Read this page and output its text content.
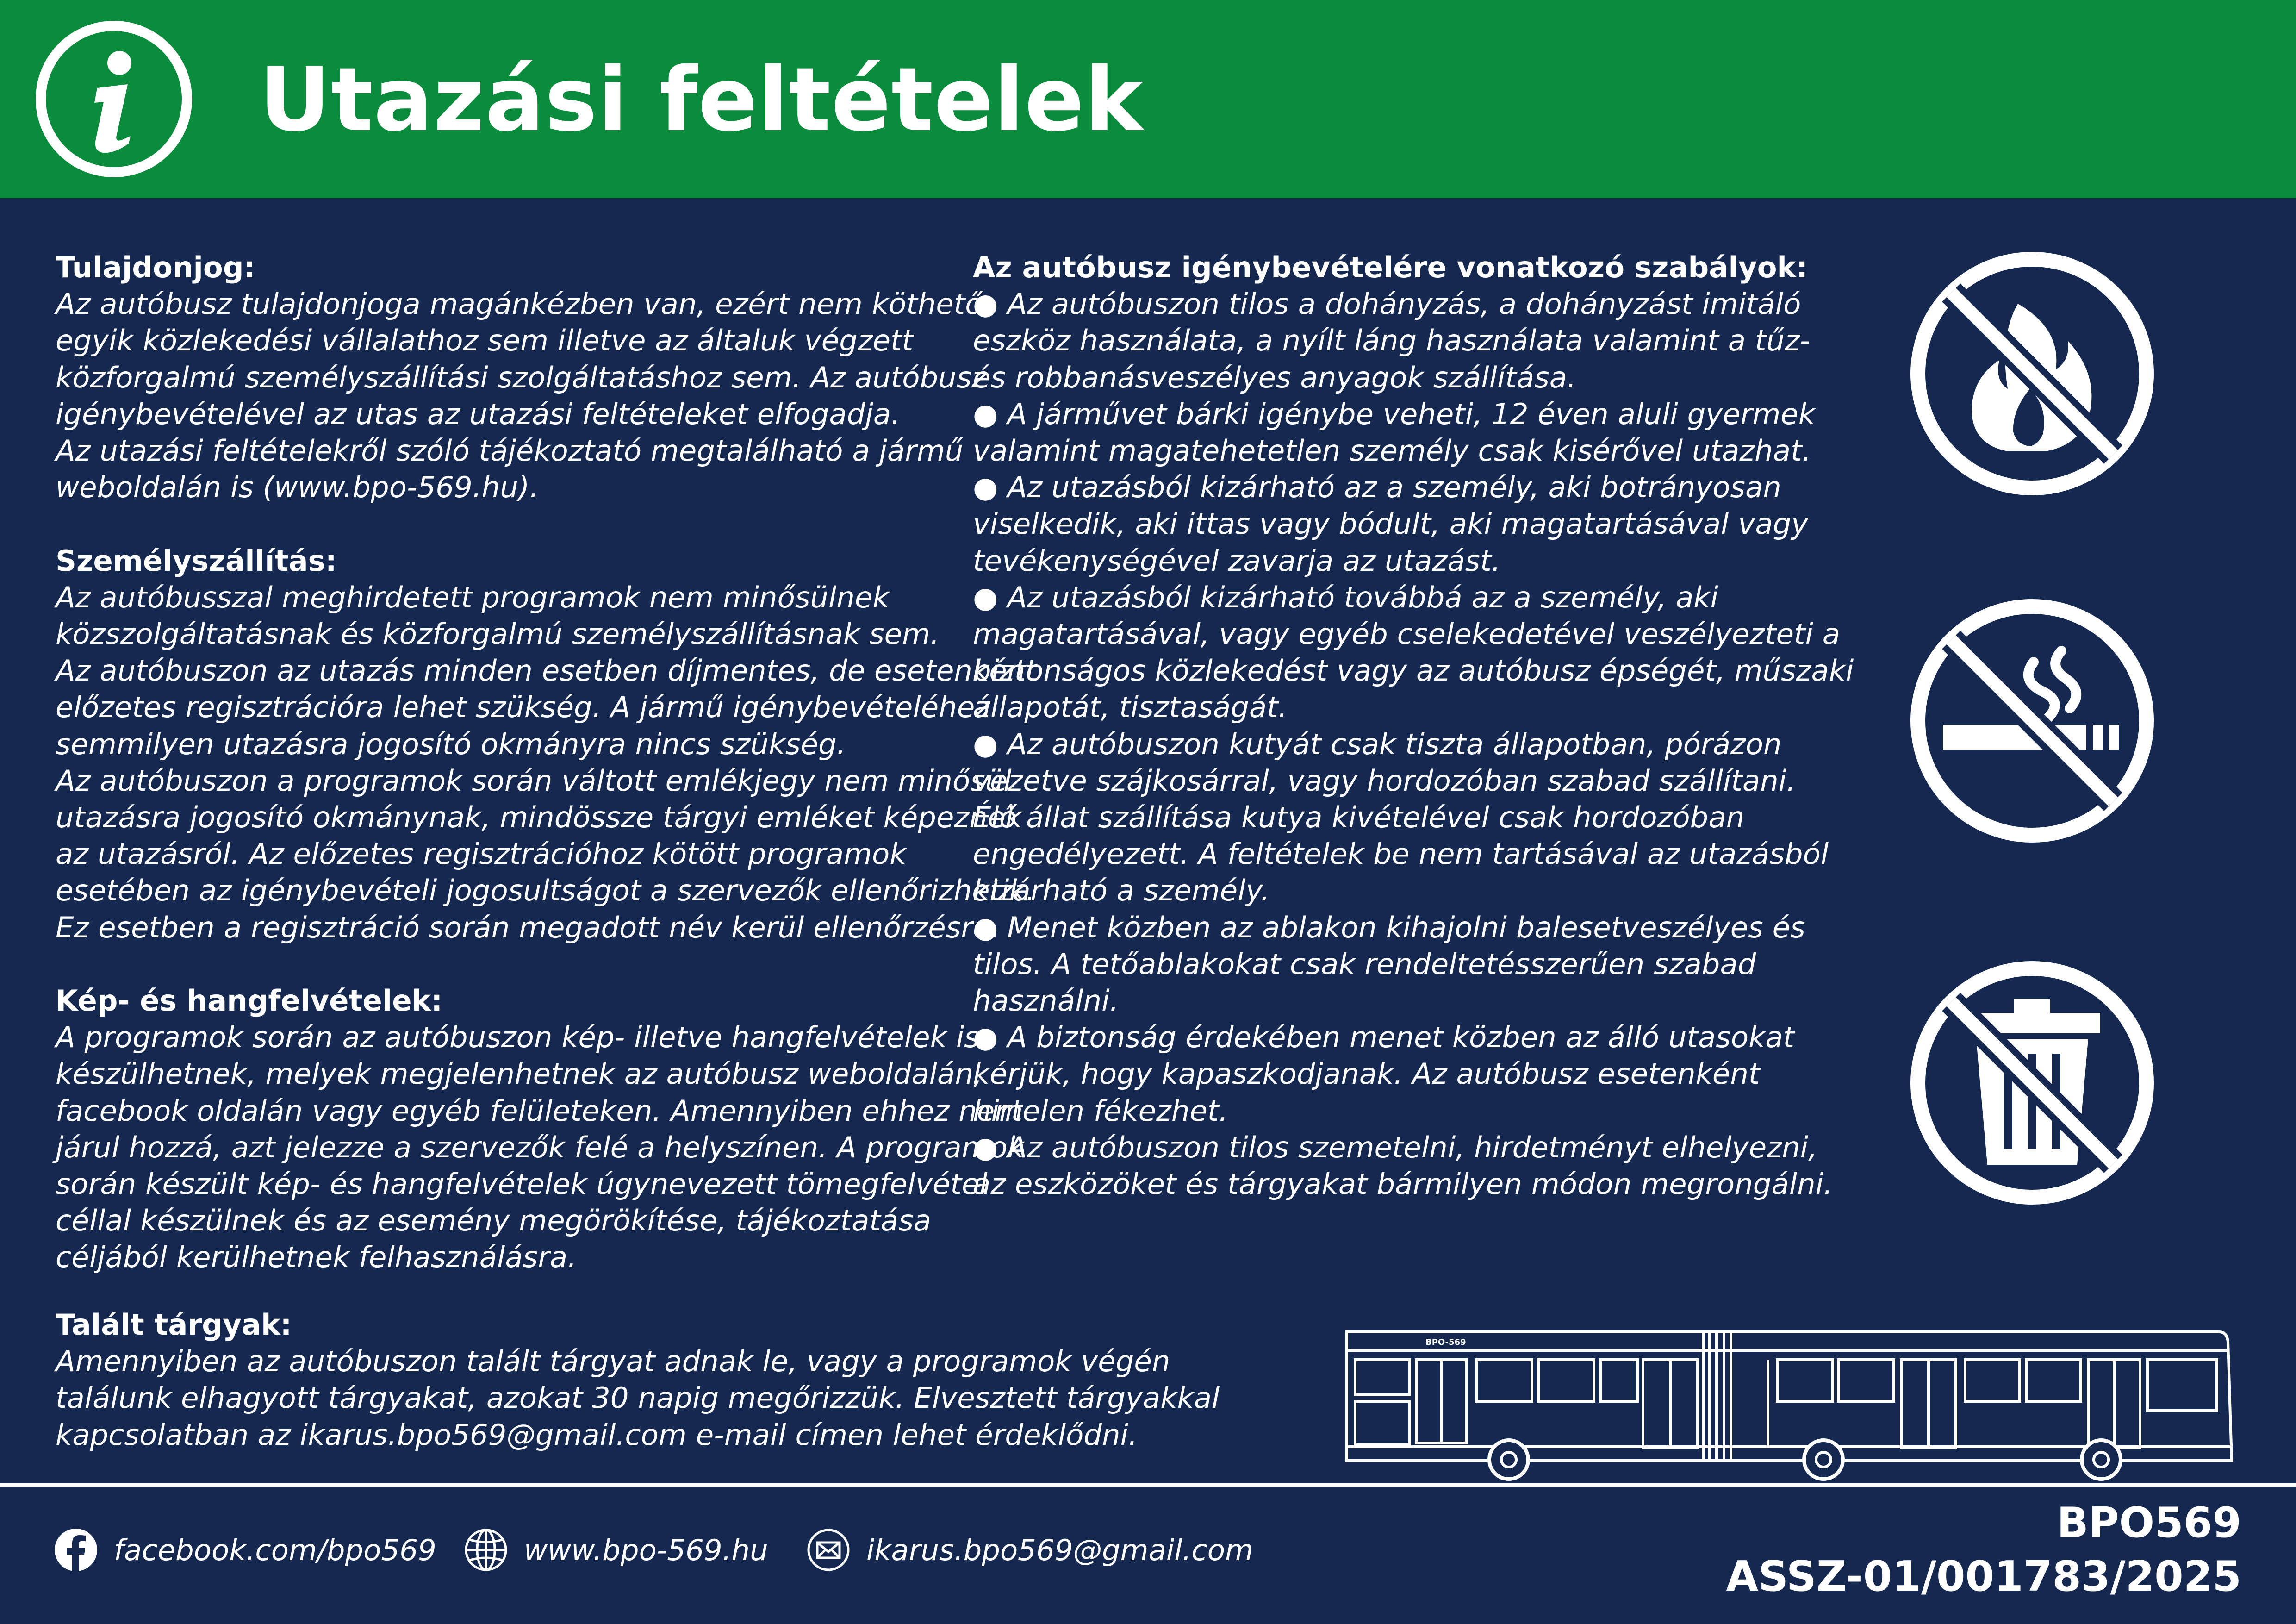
Utazási feltételek
Tulajdonjog:
Az autóbusz tulajdonjoga magánkézben van, ezért nem köthető
egyik közlekedési vállalathoz sem illetve az általuk végzett
közforgalmú személyszállítási szolgáltatáshoz sem. Az autóbusz
igénybevételével az utas az utazási feltételeket elfogadja.
Az utazási feltételekről szóló tájékoztató megtalálható a jármű
weboldalán is (www.bpo-569.hu).
Személyszállítás:
Az autóbusszal meghirdetett programok nem minősülnek
közszolgáltatásnak és közforgalmú személyszállításnak sem.
Az autóbuszon az utazás minden esetben díjmentes, de esetenként
előzetes regisztrációra lehet szükség. A jármű igénybevételéhez
semmilyen utazásra jogosító okmányra nincs szükség.
Az autóbuszon a programok során váltott emlékjegy nem minősül
utazásra jogosító okmánynak, mindössze tárgyi emléket képeznek
az utazásról. Az előzetes regisztrációhoz kötött programok
esetében az igénybevételi jogosultságot a szervezők ellenőrizhetik.
Ez esetben a regisztráció során megadott név kerül ellenőrzésre.
Kép- és hangfelvételek:
A programok során az autóbuszon kép- illetve hangfelvételek is
készülhetnek, melyek megjelenhetnek az autóbusz weboldalán,
facebook oldalán vagy egyéb felületeken. Amennyiben ehhez nem
járul hozzá, azt jelezze a szervezők felé a helyszínen. A programok
során készült kép- és hangfelvételek úgynevezett tömegfelvétel
céllal készülnek és az esemény megörökítése, tájékoztatása
céljából kerülhetnek felhasználásra.
Talált tárgyak:
Amennyiben az autóbuszon talált tárgyat adnak le, vagy a programok végén
találunk elhagyott tárgyakat, azokat 30 napig megőrizzük. Elvesztett tárgyakkal
kapcsolatban az ikarus.bpo569@gmail.com e-mail címen lehet érdeklődni.
Az autóbusz igénybevételére vonatkozó szabályok:
● Az autóbuszon tilos a dohányzás, a dohányzást imitáló
eszköz használata, a nyílt láng használata valamint a tűz-
és robbanásveszélyes anyagok szállítása.
● A járművet bárki igénybe veheti, 12 éven aluli gyermek
valamint magatehetetlen személy csak kisérővel utazhat.
● Az utazásból kizárható az a személy, aki botrányosan
viselkedik, aki ittas vagy bódult, aki magatartásával vagy
tevékenységével zavarja az utazást.
● Az utazásból kizárható továbbá az a személy, aki
magatartásával, vagy egyéb cselekedetével veszélyezteti a
biztonságos közlekedést vagy az autóbusz épségét, műszaki
állapotát, tisztaságát.
● Az autóbuszon kutyát csak tiszta állapotban, pórázon
vezetve szájkosárral, vagy hordozóban szabad szállítani.
Élő állat szállítása kutya kivételével csak hordozóban
engedélyezett. A feltételek be nem tartásával az utazásból
kizárható a személy.
● Menet közben az ablakon kihajolni balesetveszélyes és
tilos. A tetőablakokat csak rendeltetésszerűen szabad
használni.
● A biztonság érdekében menet közben az álló utasokat
kérjük, hogy kapaszkodjanak. Az autóbusz esetenként
hirtelen fékezhet.
● Az autóbuszon tilos szemetelni, hirdetményt elhelyezni,
az eszközöket és tárgyakat bármilyen módon megrongálni.
BPO-569
facebook.com/bpo569	www.bpo-569.hu	ikarus.bpo569@gmail.com
BPO569
ASSZ-01/001783/2025
